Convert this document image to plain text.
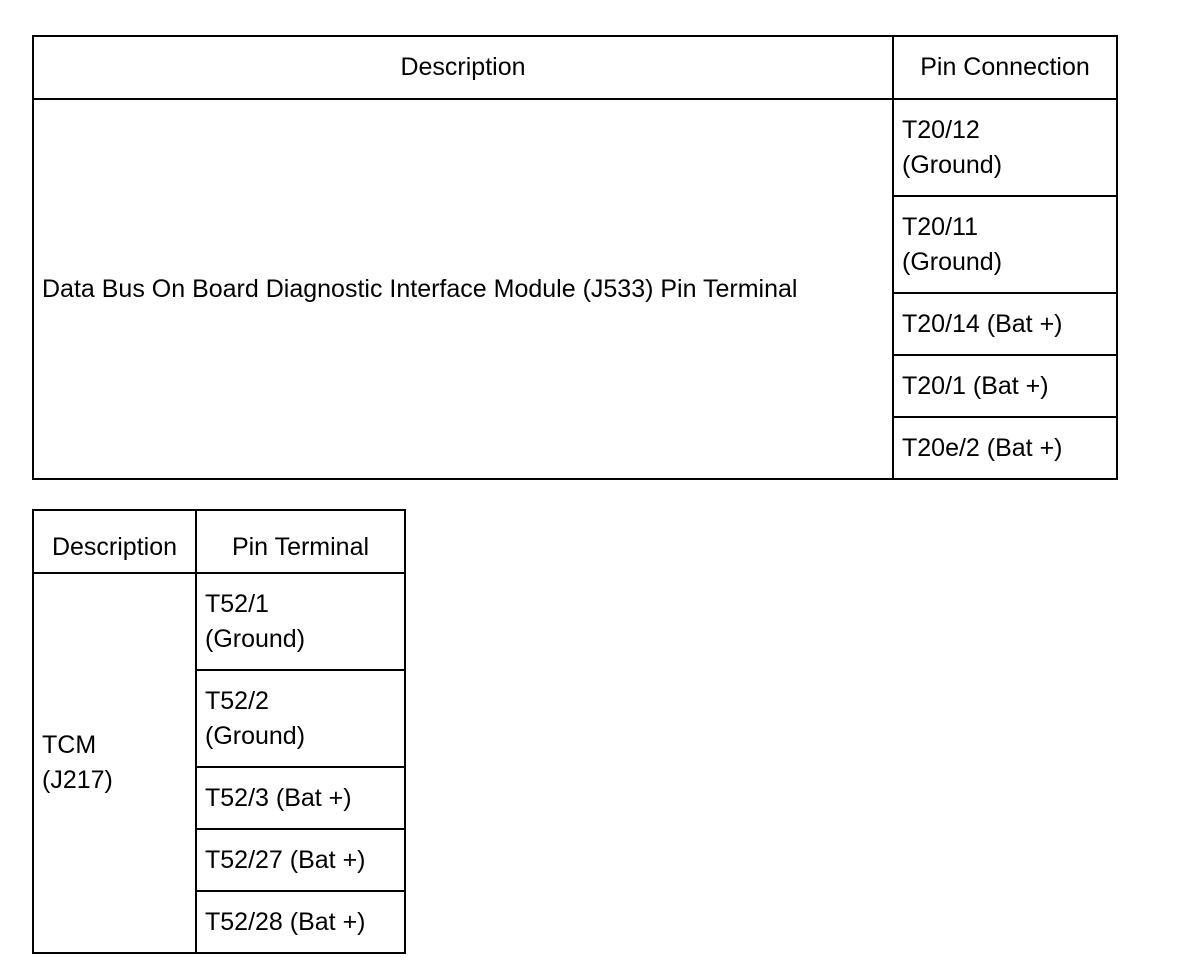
Description	Pin Connection

Data Bus On Board Diagnostic Interface Module (J533) Pin Terminal	T20/12 (Ground)

	T20/11 (Ground)

	T20/14 (Bat +)

	T20/1 (Bat +)

	T20e/2 (Bat +)
Description	Pin Terminal

TCM (J217)	T52/1 (Ground)

	T52/2 (Ground)

	T52/3 (Bat +)

	T52/27 (Bat +)

	T52/28 (Bat +)
